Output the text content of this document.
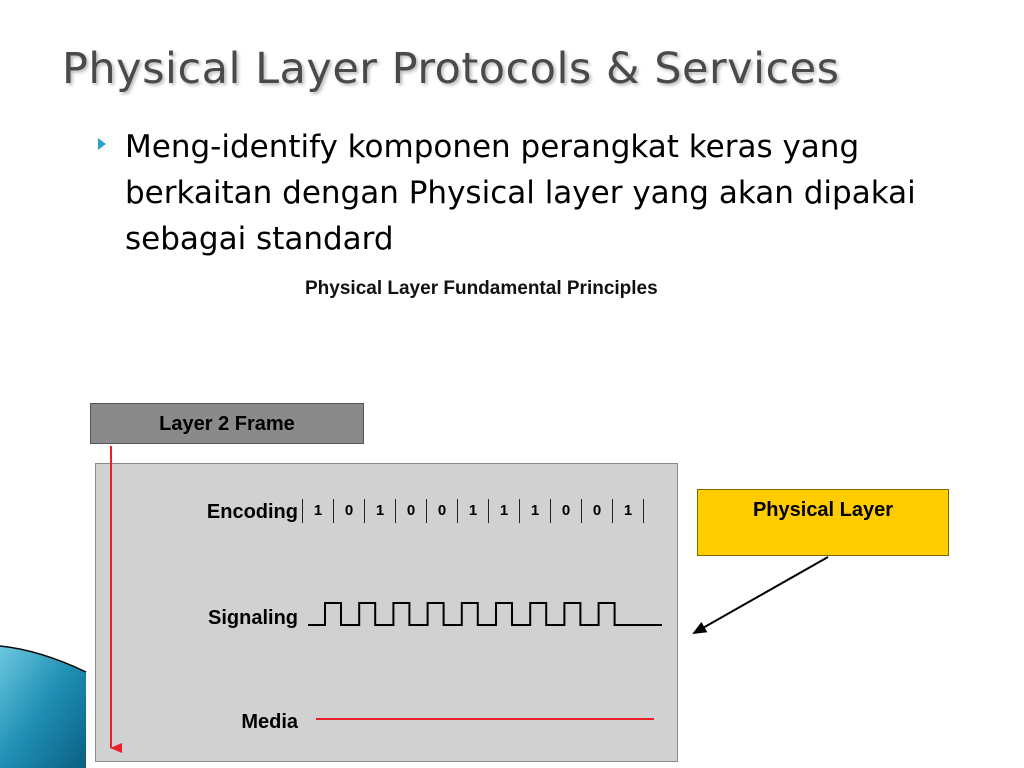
Physical Layer Protocols & Services
Meng-identify komponen perangkat keras yang berkaitan dengan Physical layer yang akan dipakai sebagai standard
Physical Layer Fundamental Principles
Layer 2 Frame
Encoding
Signaling
Media
1	0	1	0	0	1	1	1	0	0	1	Physical Layer
